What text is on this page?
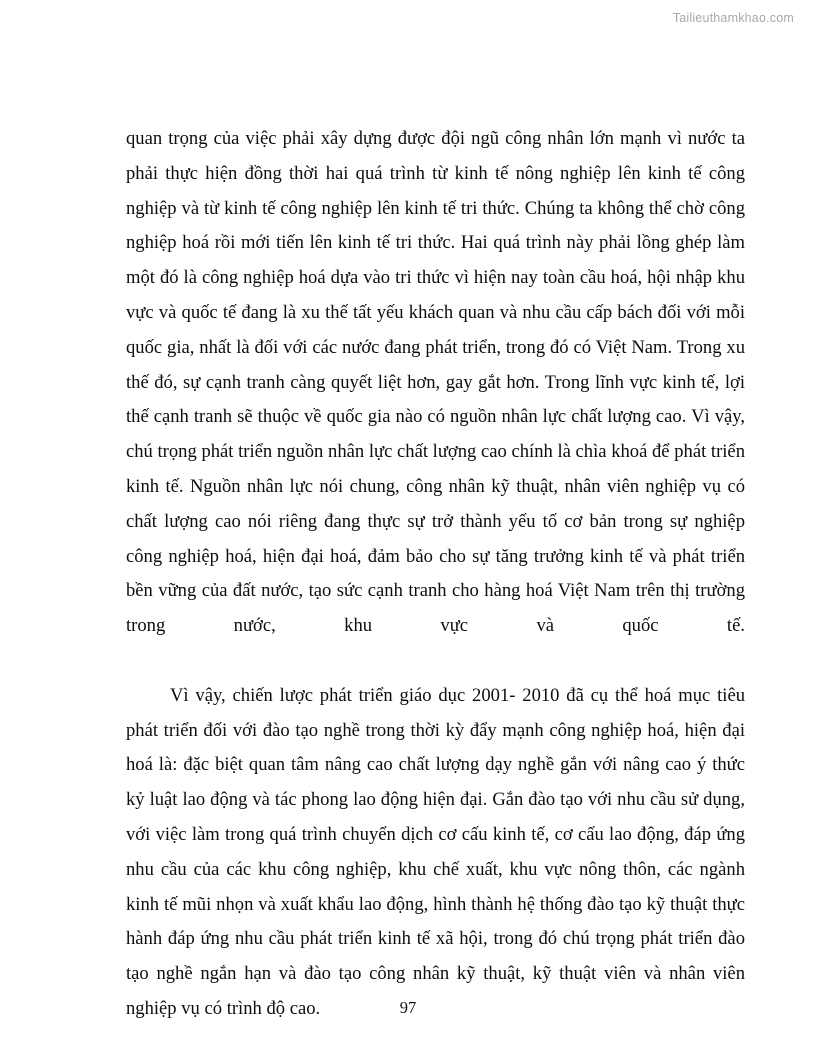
Tailieuthamkhao.com

quan trọng của việc phải xây dựng được đội ngũ công nhân lớn mạnh vì nước ta phải thực hiện đồng thời hai quá trình từ kinh tế nông nghiệp lên kinh tế công nghiệp và từ kinh tế công nghiệp lên kinh tế tri thức. Chúng ta không thể chờ công nghiệp hoá rồi mới tiến lên kinh tế tri thức. Hai quá trình này phải lồng ghép làm một đó là công nghiệp hoá dựa vào tri thức vì hiện nay toàn cầu hoá, hội nhập khu vực và quốc tế đang là xu thế tất yếu khách quan và nhu cầu cấp bách đối với mỗi quốc gia, nhất là đối với các nước đang phát triển, trong đó có Việt Nam. Trong xu thế đó, sự cạnh tranh càng quyết liệt hơn, gay gắt hơn. Trong lĩnh vực kinh tế, lợi thế cạnh tranh sẽ thuộc về quốc gia nào có nguồn nhân lực chất lượng cao. Vì vậy, chú trọng phát triển nguồn nhân lực chất lượng cao chính là chìa khoá để phát triển kinh tế. Nguồn nhân lực nói chung, công nhân kỹ thuật, nhân viên nghiệp vụ có chất lượng cao nói riêng đang thực sự trở thành yếu tố cơ bản trong sự nghiệp công nghiệp hoá, hiện đại hoá, đảm bảo cho sự tăng trưởng kinh tế và phát triển bền vững của đất nước, tạo sức cạnh tranh cho hàng hoá Việt Nam trên thị trường trong nước, khu vực và quốc tế.

Vì vậy, chiến lược phát triển giáo dục 2001- 2010 đã cụ thể hoá mục tiêu phát triển đối với đào tạo nghề trong thời kỳ đẩy mạnh công nghiệp hoá, hiện đại hoá là: đặc biệt quan tâm nâng cao chất lượng dạy nghề gắn với nâng cao ý thức kỷ luật lao động và tác phong lao động hiện đại. Gắn đào tạo với nhu cầu sử dụng, với việc làm trong quá trình chuyển dịch cơ cấu kinh tế, cơ cấu lao động, đáp ứng nhu cầu của các khu công nghiệp, khu chế xuất, khu vực nông thôn, các ngành kinh tế mũi nhọn và xuất khẩu lao động, hình thành hệ thống đào tạo kỹ thuật thực hành đáp ứng nhu cầu phát triển kinh tế xã hội, trong đó chú trọng phát triển đào tạo nghề ngắn hạn và đào tạo công nhân kỹ thuật, kỹ thuật viên và nhân viên nghiệp vụ có trình độ cao.	97
